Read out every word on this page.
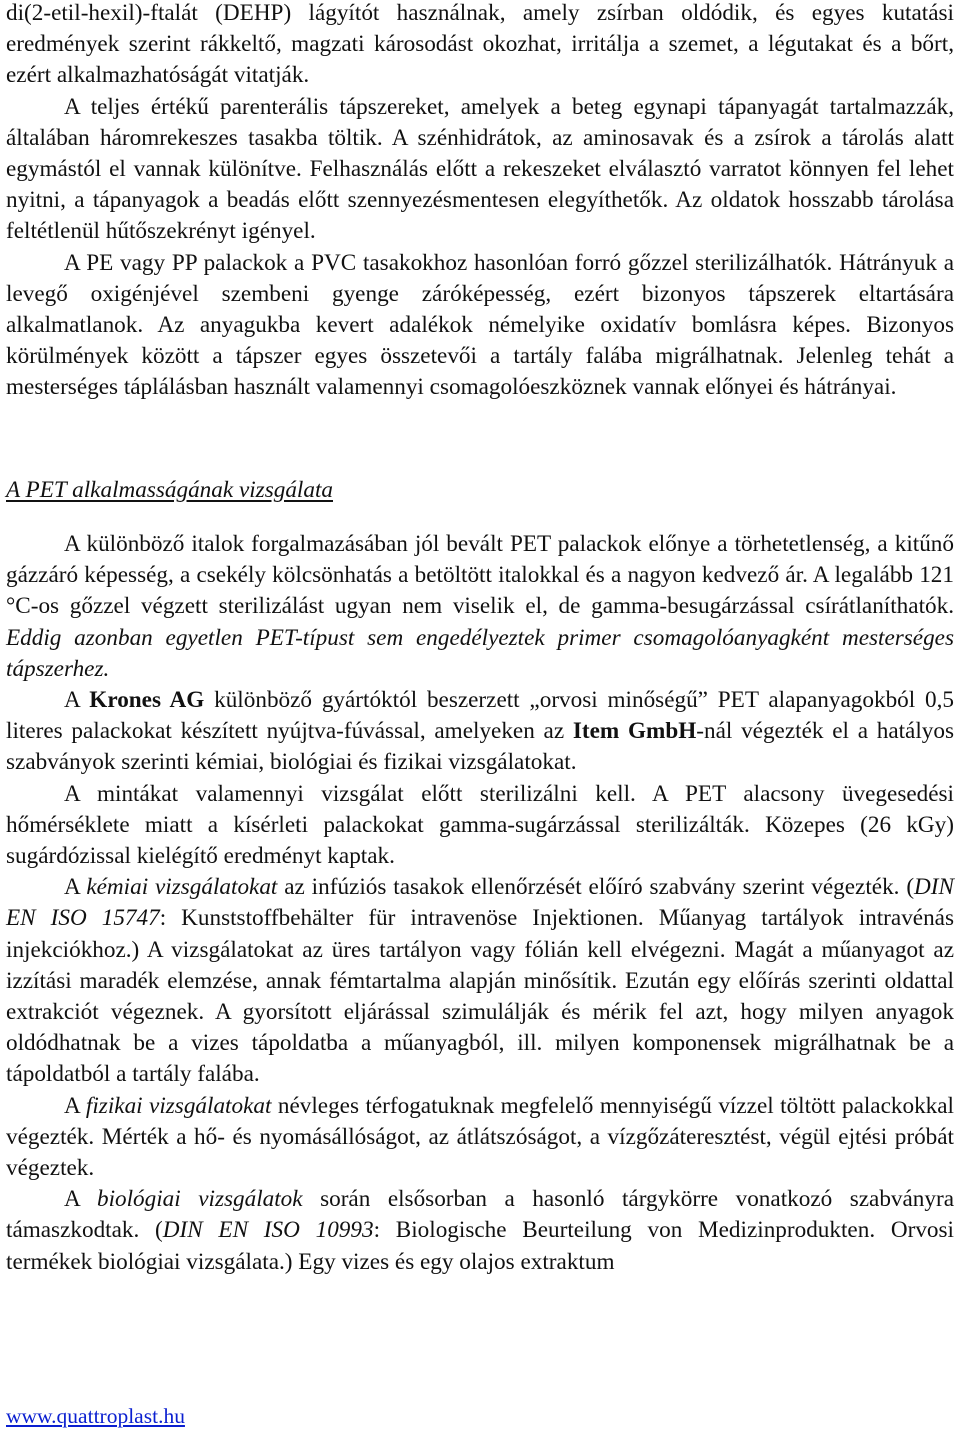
di(2-etil-hexil)-ftalát (DEHP) lágyítót használnak, amely zsírban oldódik, és egyes kutatási eredmények szerint rákkeltő, magzati károsodást okozhat, irritálja a szemet, a légutakat és a bőrt, ezért alkalmazhatóságát vitatják.

A teljes értékű parenterális tápszereket, amelyek a beteg egynapi tápanyagát tartalmazzák, általában háromrekeszes tasakba töltik. A szénhidrátok, az aminosavak és a zsírok a tárolás alatt egymástól el vannak különítve. Felhasználás előtt a rekeszeket elválasztó varratot könnyen fel lehet nyitni, a tápanyagok a beadás előtt szennyezésmentesen elegyíthetők. Az oldatok hosszabb tárolása feltétlenül hűtőszekrényt igényel.

A PE vagy PP palackok a PVC tasakokhoz hasonlóan forró gőzzel sterilizálhatók. Hátrányuk a levegő oxigénjével szembeni gyenge záróképesség, ezért bizonyos tápszerek eltartására alkalmatlanok. Az anyagukba kevert adalékok némelyike oxidatív bomlásra képes. Bizonyos körülmények között a tápszer egyes összetevői a tartály falába migrálhatnak. Jelenleg tehát a mesterséges táplálásban használt valamennyi csomagolóeszköznek vannak előnyei és hátrányai.

A PET alkalmasságának vizsgálata

A különböző italok forgalmazásában jól bevált PET palackok előnye a törhetetlenség, a kitűnő gázzáró képesség, a csekély kölcsönhatás a betöltött italokkal és a nagyon kedvező ár. A legalább 121 °C-os gőzzel végzett sterilizálást ugyan nem viselik el, de gamma-besugárzással csírátlaníthatók. Eddig azonban egyetlen PET-típust sem engedélyeztek primer csomagolóanyagként mesterséges tápszerhez.

A Krones AG különböző gyártóktól beszerzett „orvosi minőségű” PET alapanyagokból 0,5 literes palackokat készített nyújtva-fúvással, amelyeken az Item GmbH-nál végezték el a hatályos szabványok szerinti kémiai, biológiai és fizikai vizsgálatokat.

A mintákat valamennyi vizsgálat előtt sterilizálni kell. A PET alacsony üvegesedési hőmérséklete miatt a kísérleti palackokat gamma-sugárzással sterilizálták. Közepes (26 kGy) sugárdózissal kielégítő eredményt kaptak.

A kémiai vizsgálatokat az infúziós tasakok ellenőrzését előíró szabvány szerint végezték. (DIN EN ISO 15747: Kunststoffbehälter für intravenöse Injektionen. Műanyag tartályok intravénás injekciókhoz.) A vizsgálatokat az üres tartályon vagy fólián kell elvégezni. Magát a műanyagot az izzítási maradék elemzése, annak fémtartalma alapján minősítik. Ezután egy előírás szerinti oldattal extrakciót végeznek. A gyorsított eljárással szimulálják és mérik fel azt, hogy milyen anyagok oldódhatnak be a vizes tápoldatba a műanyagból, ill. milyen komponensek migrálhatnak be a tápoldatból a tartály falába.

A fizikai vizsgálatokat névleges térfogatuknak megfelelő mennyiségű vízzel töltött palackokkal végezték. Mérték a hő- és nyomásállóságot, az átlátszóságot, a vízgőzáteresztést, végül ejtési próbát végeztek.

A biológiai vizsgálatok során elsősorban a hasonló tárgykörre vonatkozó szabványra támaszkodtak. (DIN EN ISO 10993: Biologische Beurteilung von Medizinprodukten. Orvosi termékek biológiai vizsgálata.) Egy vizes és egy olajos extraktum

www.quattroplast.hu
